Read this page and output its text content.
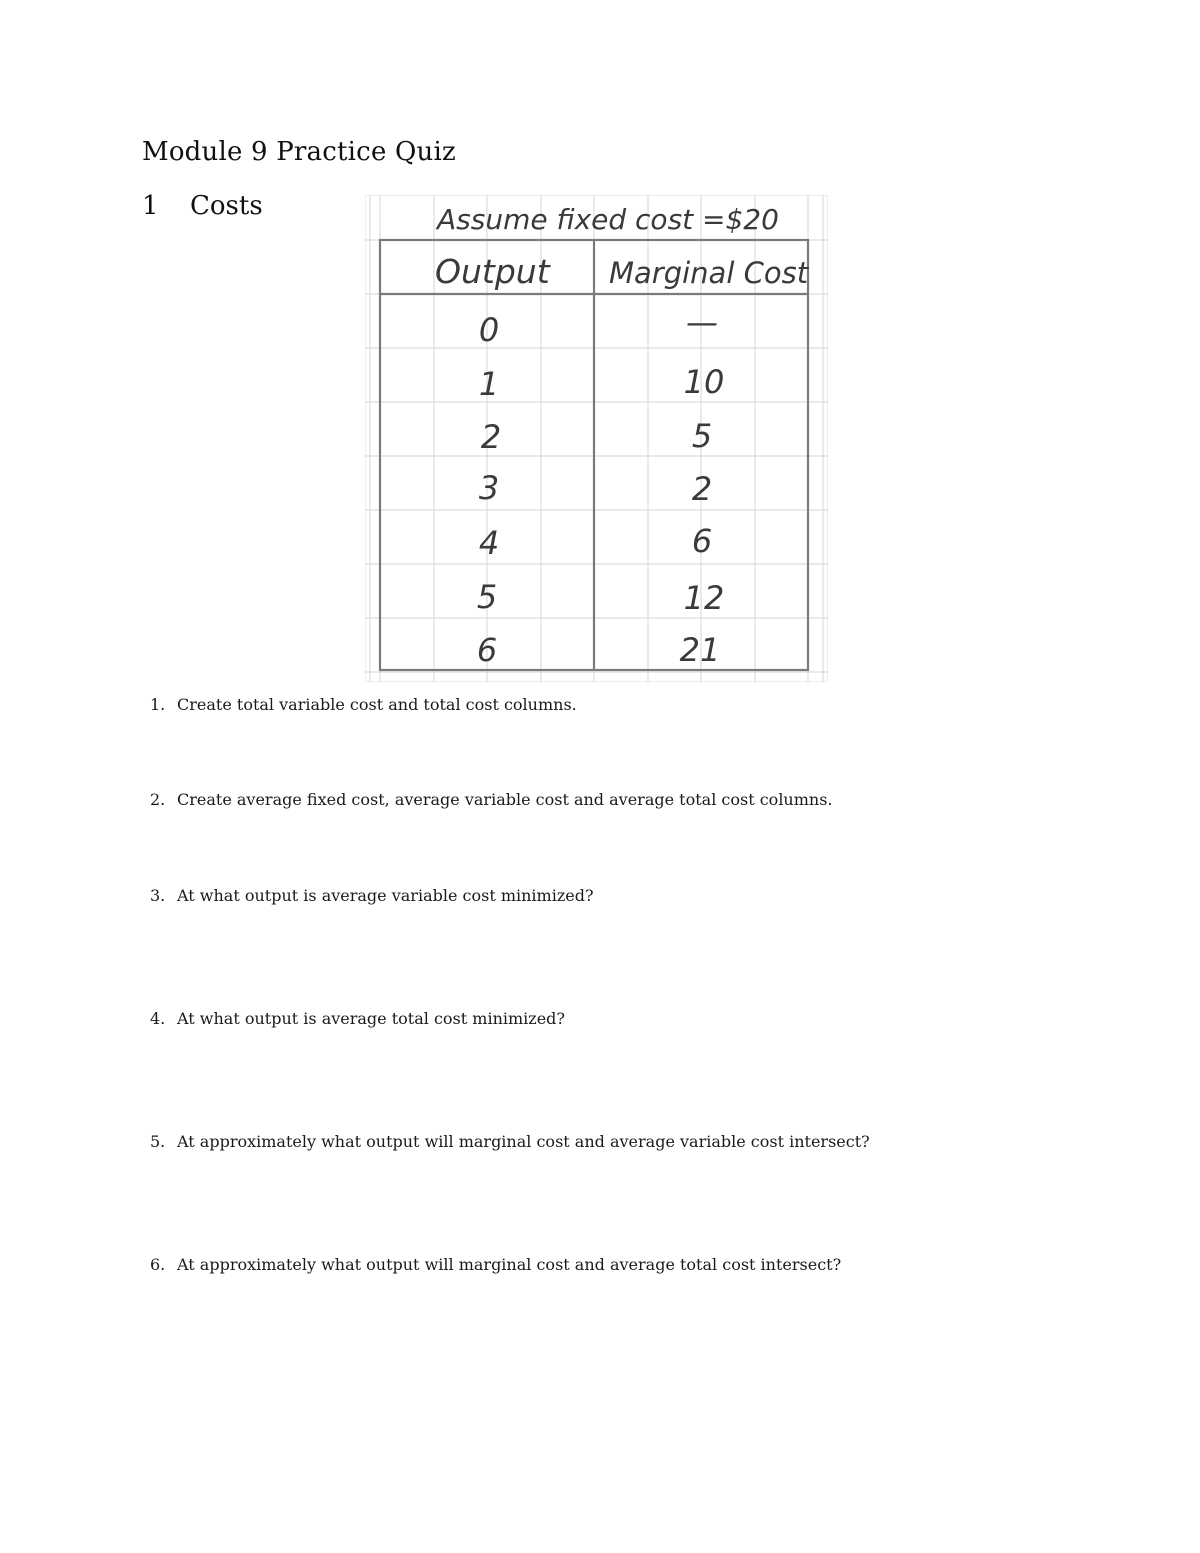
Module 9 Practice Quiz
1 Costs	Assume fixed cost =$20
Output Marginal Cost
0	—
1	10
2	5
3	2
4	6
5	12
6	21
1. Create total variable cost and total cost columns.
2. Create average fixed cost, average variable cost and average total cost columns.
3. At what output is average variable cost minimized?
4. At what output is average total cost minimized?
5. At approximately what output will marginal cost and average variable cost intersect?
6. At approximately what output will marginal cost and average total cost intersect?
